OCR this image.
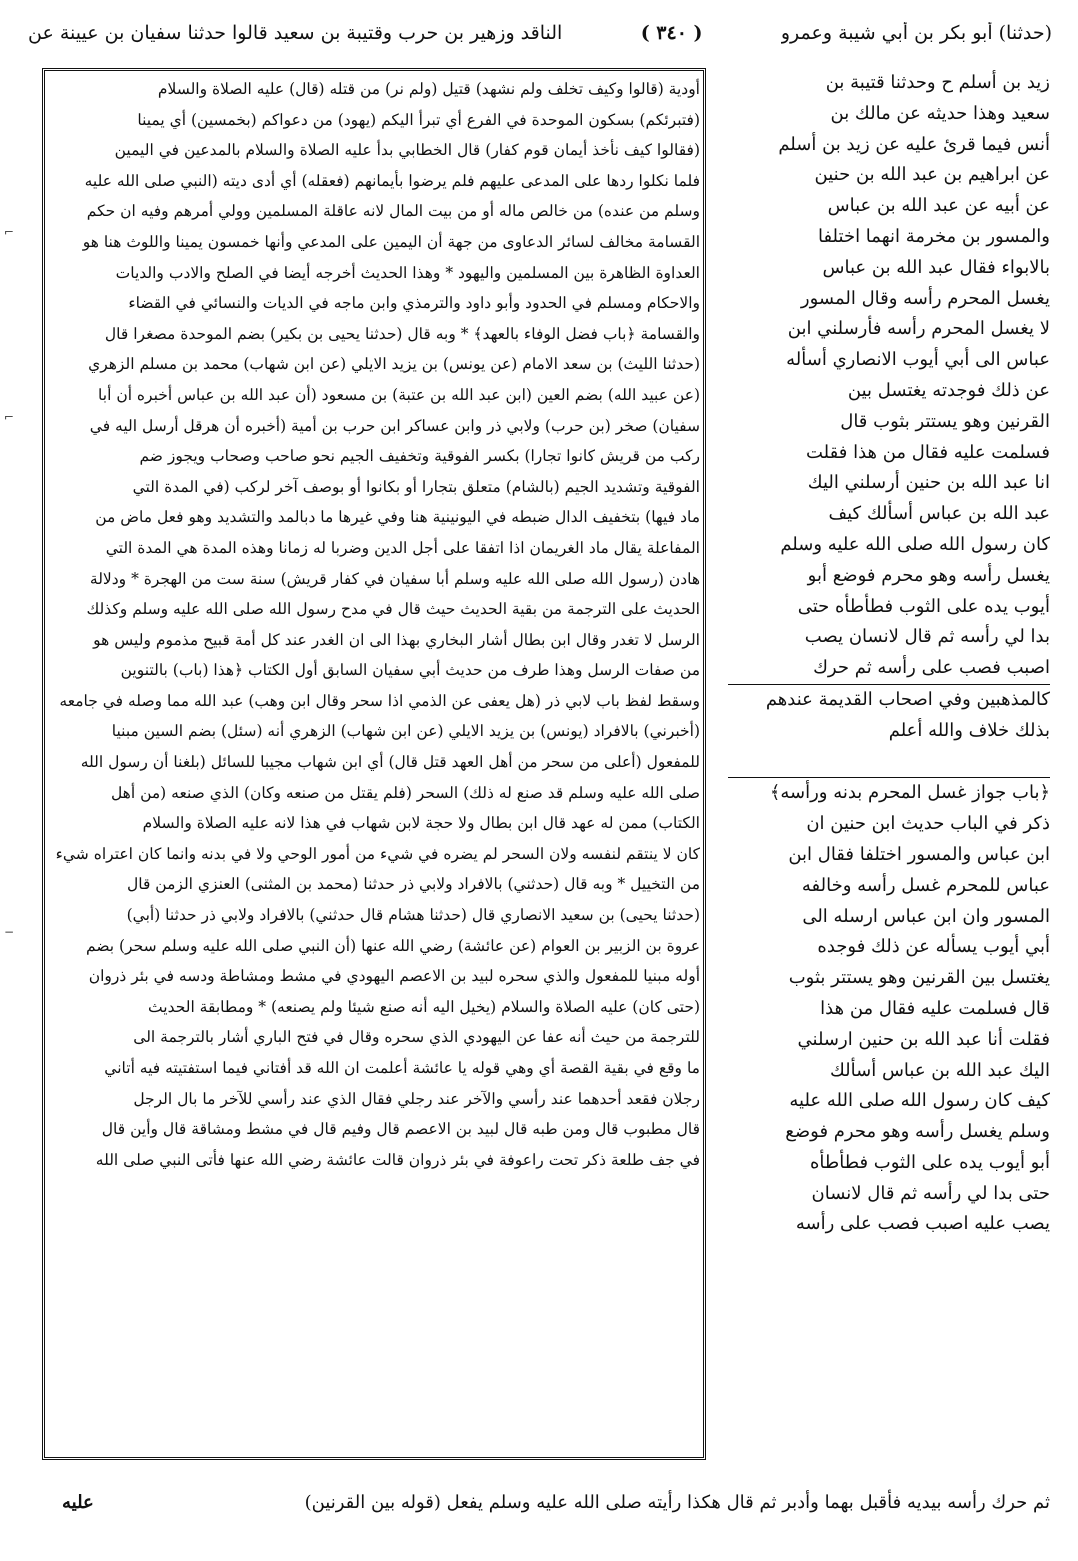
(حدثنا) أبو بكر بن أبي شيبة وعمرو
( ٣٤٠ )
الناقد وزهير بن حرب وقتيبة بن سعيد قالوا حدثنا سفيان بن عيينة عن
أودية (قالوا وكيف تخلف ولم نشهد) قتيل (ولم نر) من قتله (قال) عليه الصلاة والسلام
(فتبرئكم) بسكون الموحدة في الفرع أي تبرأ اليكم (يهود) من دعواكم (بخمسين) أي يمينا
(فقالوا كيف نأخذ أيمان قوم كفار) قال الخطابي بدأ عليه الصلاة والسلام بالمدعين في اليمين
فلما نكلوا ردها على المدعى عليهم فلم يرضوا بأيمانهم (فعقله) أي أدى ديته (النبي صلى الله عليه
وسلم من عنده) من خالص ماله أو من بيت المال لانه عاقلة المسلمين وولي أمرهم وفيه ان حكم
القسامة مخالف لسائر الدعاوى من جهة أن اليمين على المدعي وأنها خمسون يمينا واللوث هنا هو
العداوة الظاهرة بين المسلمين واليهود * وهذا الحديث أخرجه أيضا في الصلح والادب والديات
والاحكام ومسلم في الحدود وأبو داود والترمذي وابن ماجه في الديات والنسائي في القضاء
والقسامة ﴿باب فضل الوفاء بالعهد﴾ * وبه قال (حدثنا يحيى بن بكير) بضم الموحدة مصغرا قال
(حدثنا الليث) بن سعد الامام (عن يونس) بن يزيد الايلي (عن ابن شهاب) محمد بن مسلم الزهري
(عن عبيد الله) بضم العين (ابن عبد الله بن عتبة) بن مسعود (أن عبد الله بن عباس أخبره أن أبا
سفيان) صخر (بن حرب) ولابي ذر وابن عساكر ابن حرب بن أمية (أخبره أن هرقل أرسل اليه في
ركب من قريش كانوا تجارا) بكسر الفوقية وتخفيف الجيم نحو صاحب وصحاب ويجوز ضم
الفوقية وتشديد الجيم (بالشام) متعلق بتجارا أو بكانوا أو بوصف آخر لركب (في المدة التي
ماد فيها) بتخفيف الدال ضبطه في اليونينية هنا وفي غيرها ما دبالمد والتشديد وهو فعل ماض من
المفاعلة يقال ماد الغريمان اذا اتفقا على أجل الدين وضربا له زمانا وهذه المدة هي المدة التي
هادن (رسول الله صلى الله عليه وسلم أبا سفيان في كفار قريش) سنة ست من الهجرة * ودلالة
الحديث على الترجمة من بقية الحديث حيث قال في مدح رسول الله صلى الله عليه وسلم وكذلك
الرسل لا تغدر وقال ابن بطال أشار البخاري بهذا الى ان الغدر عند كل أمة قبيح مذموم وليس هو
من صفات الرسل وهذا طرف من حديث أبي سفيان السابق أول الكتاب ﴿هذا (باب) بالتنوين
وسقط لفظ باب لابي ذر (هل يعفى عن الذمي اذا سحر وقال ابن وهب) عبد الله مما وصله في جامعه
(أخبرني) بالافراد (يونس) بن يزيد الايلي (عن ابن شهاب) الزهري أنه (سئل) بضم السين مبنيا
للمفعول (أعلى من سحر من أهل العهد قتل قال) أي ابن شهاب مجيبا للسائل (بلغنا أن رسول الله
صلى الله عليه وسلم قد صنع له ذلك) السحر (فلم يقتل من صنعه وكان) الذي صنعه (من أهل
الكتاب) ممن له عهد قال ابن بطال ولا حجة لابن شهاب في هذا لانه عليه الصلاة والسلام
كان لا ينتقم لنفسه ولان السحر لم يضره في شيء من أمور الوحي ولا في بدنه وانما كان اعتراه شيء
من التخييل * وبه قال (حدثني) بالافراد ولابي ذر حدثنا (محمد بن المثنى) العنزي الزمن قال
(حدثنا يحيى) بن سعيد الانصاري قال (حدثنا هشام قال حدثني) بالافراد ولابي ذر حدثنا (أبي)
عروة بن الزبير بن العوام (عن عائشة) رضي الله عنها (أن النبي صلى الله عليه وسلم سحر) بضم
أوله مبنيا للمفعول والذي سحره لبيد بن الاعصم اليهودي في مشط ومشاطة ودسه في بئر ذروان
(حتى كان) عليه الصلاة والسلام (يخيل اليه أنه صنع شيئا ولم يصنعه) * ومطابقة الحديث
للترجمة من حيث أنه عفا عن اليهودي الذي سحره وقال في فتح الباري أشار بالترجمة الى
ما وقع في بقية القصة أي وهي قوله يا عائشة أعلمت ان الله قد أفتاني فيما استفتيته فيه أتاني
رجلان فقعد أحدهما عند رأسي والآخر عند رجلي فقال الذي عند رأسي للآخر ما بال الرجل
قال مطبوب قال ومن طبه قال لبيد بن الاعصم قال وفيم قال في مشط ومشاقة قال وأين قال
في جف طلعة ذكر تحت راعوفة في بئر ذروان قالت عائشة رضي الله عنها فأتى النبي صلى الله
زيد بن أسلم ح وحدثنا قتيبة بن
سعيد وهذا حديثه عن مالك بن
أنس فيما قرئ عليه عن زيد بن أسلم
عن ابراهيم بن عبد الله بن حنين
عن أبيه عن عبد الله بن عباس
والمسور بن مخرمة انهما اختلفا
بالابواء فقال عبد الله بن عباس
يغسل المحرم رأسه وقال المسور
لا يغسل المحرم رأسه فأرسلني ابن
عباس الى أبي أيوب الانصاري أسأله
عن ذلك فوجدته يغتسل بين
القرنين وهو يستتر بثوب قال
فسلمت عليه فقال من هذا فقلت
انا عبد الله بن حنين أرسلني اليك
عبد الله بن عباس أسألك كيف
كان رسول الله صلى الله عليه وسلم
يغسل رأسه وهو محرم فوضع أبو
أيوب يده على الثوب فطأطأه حتى
بدا لي رأسه ثم قال لانسان يصب
اصبب فصب على رأسه ثم حرك
كالمذهبين وفي اصحاب القديمة عندهم
بذلك خلاف والله أعلم
﴿باب جواز غسل المحرم بدنه ورأسه﴾
ذكر في الباب حديث ابن حنين ان
ابن عباس والمسور اختلفا فقال ابن
عباس للمحرم غسل رأسه وخالفه
المسور وان ابن عباس ارسله الى
أبي أيوب يسأله عن ذلك فوجده
يغتسل بين القرنين وهو يستتر بثوب
قال فسلمت عليه فقال من هذا
فقلت أنا عبد الله بن حنين ارسلني
اليك عبد الله بن عباس أسألك
كيف كان رسول الله صلى الله عليه
وسلم يغسل رأسه وهو محرم فوضع
أبو أيوب يده على الثوب فطأطأه
حتى بدا لي رأسه ثم قال لانسان
يصب عليه اصبب فصب على رأسه
ثم حرك رأسه بيديه فأقبل بهما وأدبر ثم قال هكذا رأيته صلى الله عليه وسلم يفعل (قوله بين القرنين)
عليه
⌐
⌐
−
